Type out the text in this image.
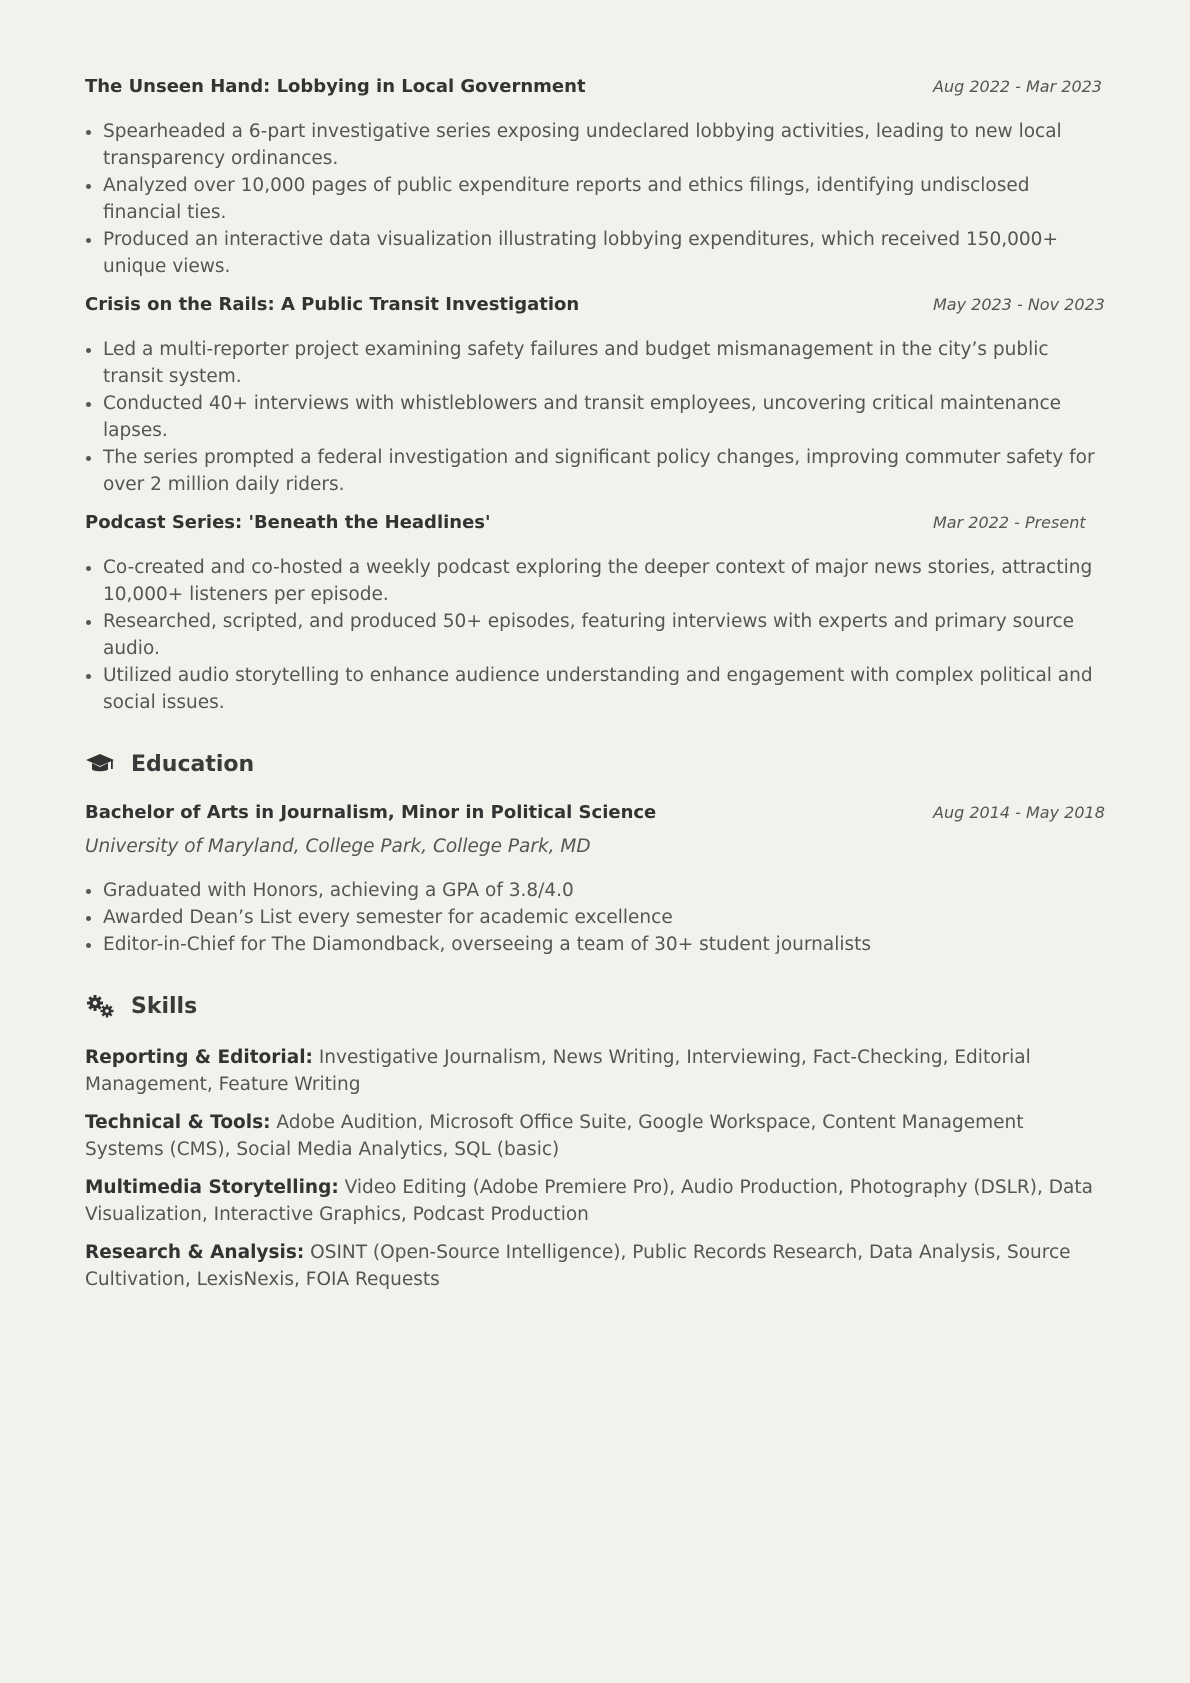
The Unseen Hand: Lobbying in Local Government	Aug 2022 - Mar 2023
• Spearheaded a 6-part investigative series exposing undeclared lobbying activities, leading to new local transparency ordinances.
• Analyzed over 10,000 pages of public expenditure reports and ethics filings, identifying undisclosed financial ties.
• Produced an interactive data visualization illustrating lobbying expenditures, which received 150,000+ unique views.
Crisis on the Rails: A Public Transit Investigation	May 2023 - Nov 2023
• Led a multi-reporter project examining safety failures and budget mismanagement in the city’s public transit system.
• Conducted 40+ interviews with whistleblowers and transit employees, uncovering critical maintenance lapses.
• The series prompted a federal investigation and significant policy changes, improving commuter safety for over 2 million daily riders.
Podcast Series: 'Beneath the Headlines'	Mar 2022 - Present
• Co-created and co-hosted a weekly podcast exploring the deeper context of major news stories, attracting 10,000+ listeners per episode.
• Researched, scripted, and produced 50+ episodes, featuring interviews with experts and primary source audio.
• Utilized audio storytelling to enhance audience understanding and engagement with complex political and social issues.
Education
Bachelor of Arts in Journalism, Minor in Political Science	Aug 2014 - May 2018
University of Maryland, College Park, College Park, MD
• Graduated with Honors, achieving a GPA of 3.8/4.0
• Awarded Dean’s List every semester for academic excellence
• Editor-in-Chief for The Diamondback, overseeing a team of 30+ student journalists
Skills
Reporting & Editorial: Investigative Journalism, News Writing, Interviewing, Fact-Checking, Editorial Management, Feature Writing
Technical & Tools: Adobe Audition, Microsoft Office Suite, Google Workspace, Content Management Systems (CMS), Social Media Analytics, SQL (basic)
Multimedia Storytelling: Video Editing (Adobe Premiere Pro), Audio Production, Photography (DSLR), Data Visualization, Interactive Graphics, Podcast Production
Research & Analysis: OSINT (Open-Source Intelligence), Public Records Research, Data Analysis, Source Cultivation, LexisNexis, FOIA Requests
